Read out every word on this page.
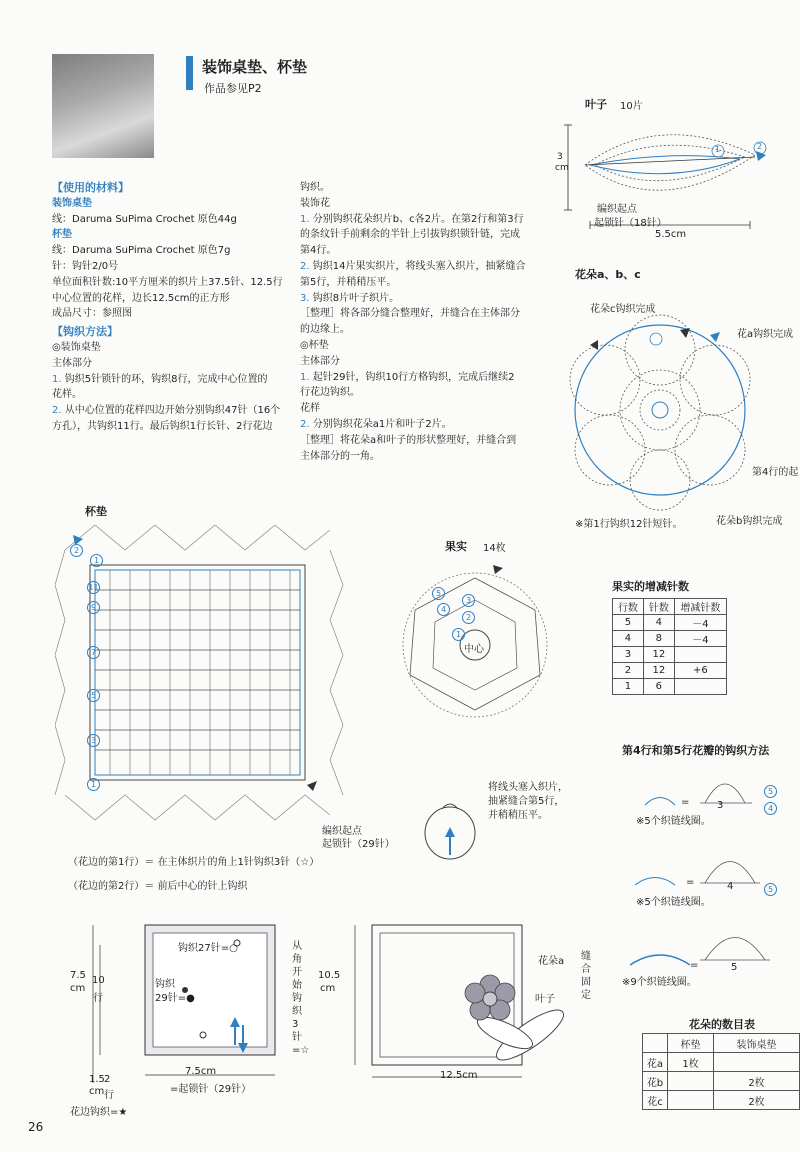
装饰桌垫、杯垫
作品参见P2
【使用的材料】
装饰桌垫
线：Daruma SuPima Crochet 原色44g
杯垫
线：Daruma SuPima Crochet 原色7g
针：钩针2/0号
单位面积针数:10平方厘米的织片上37.5针、12.5行
中心位置的花样，边长12.5cm的正方形
成品尺寸：参照图
【钩织方法】
◎装饰桌垫
主体部分
1. 钩织5针锁针的环，钩织8行，完成中心位置的
花样。
2. 从中心位置的花样四边开始分别钩织47针（16个
方孔），共钩织11行。最后钩织1行长针、2行花边
钩织。
装饰花
1. 分别钩织花朵织片b、c各2片。在第2行和第3行
的条纹针手前剩余的半针上引拔钩织锁针链，完成
第4行。
2. 钩织14片果实织片，将线头塞入织片，抽紧缝合
第5行，并稍稍压平。
3. 钩织8片叶子织片。
［整理］将各部分缝合整理好，并缝合在主体部分
的边缘上。
◎杯垫
主体部分
1. 起针29针，钩织10行方格钩织，完成后继续2
行花边钩织。
花样
2. 分别钩织花朵a1片和叶子2片。
［整理］将花朵a和叶子的形状整理好，并缝合到
主体部分的一角。
叶子 10片
1	2
3
cm
编织起点
起锁针（18针）
5.5cm
花朵a、b、c
花朵c钩织完成
花a钩织完成
第4行的起
花朵b钩织完成
※第1行钩织12针短针。
杯垫
11
9
7
5
3
1
2
1
编织起点
起锁针（29针）
果实 14枚
中心
5
4
3
2
1
将线头塞入织片，
抽紧缝合第5行，
并稍稍压平。
果实的增减针数
行数	针数	增减针数
5	4	－4
4	8	－4
3	12	
2	12	+6
1	6	
第4行和第5行花瓣的钩织方法
=	3
5
4
※5个织链线圈。
=	4	5
※5个织链线圈。
=	5
※9个织链线圈。
（花边的第1行）＝ 在主体织片的角上1针钩织3针（☆）
（花边的第2行）＝ 前后中心的针上钩织
钩织27针=○
钩织
29针=●
7.5
cm
10
行
从
角
开
始
钩
织
3
针
=☆
7.5cm
=起锁针（29针）
1.5
cm
2
行
花边钩织=★
10.5
cm
12.5cm
花朵a
叶子
缝
合
固
定
花朵的数目表
	杯垫	装饰桌垫
花a	1枚	
花b		2枚
花c		2枚
26
